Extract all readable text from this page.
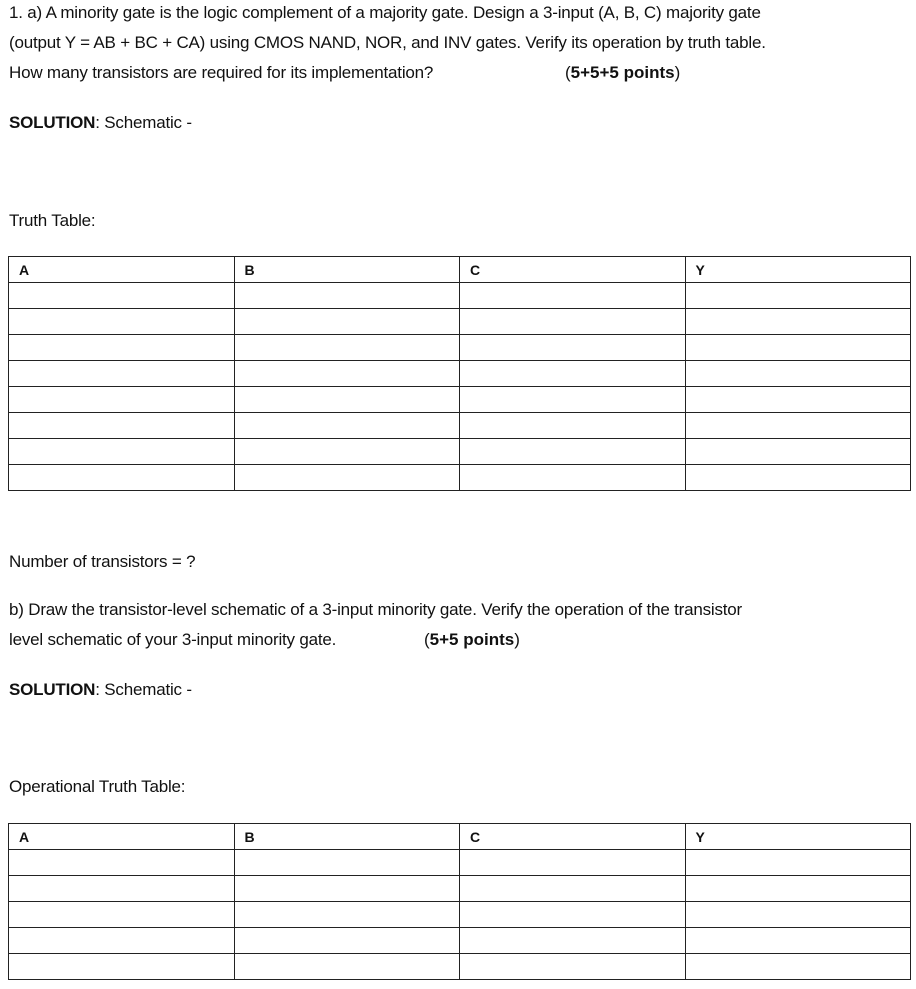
1. a) A minority gate is the logic complement of a majority gate. Design a 3-input (A, B, C) majority gate
(output Y = AB + BC + CA) using CMOS NAND, NOR, and INV gates. Verify its operation by truth table.
How many transistors are required for its implementation?	(5+5+5 points)
SOLUTION: Schematic -
Truth Table:
A	B	C	Y

Number of transistors = ?
b) Draw the transistor-level schematic of a 3-input minority gate. Verify the operation of the transistor
level schematic of your 3-input minority gate.	(5+5 points)
SOLUTION: Schematic -
Operational Truth Table:
A	B	C	Y
